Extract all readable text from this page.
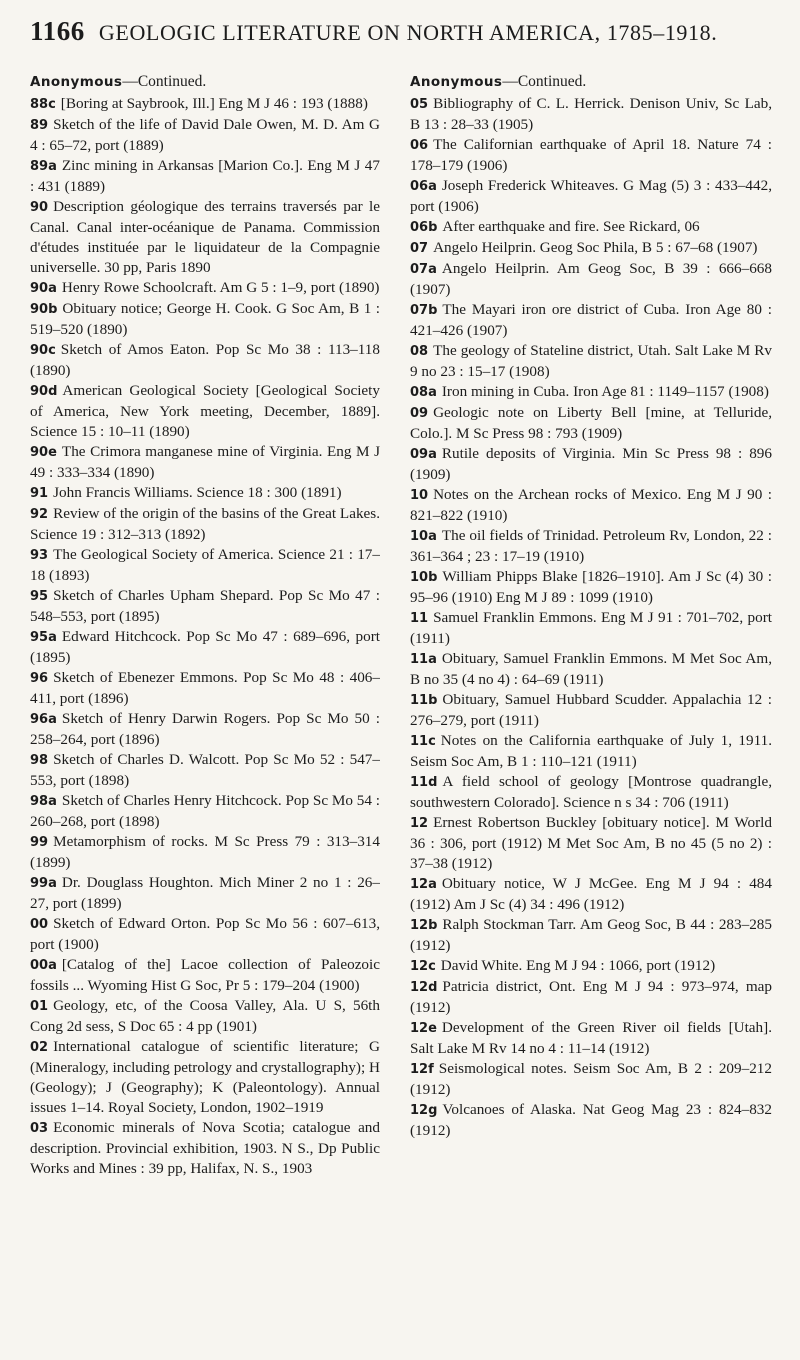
1166 GEOLOGIC LITERATURE ON NORTH AMERICA, 1785–1918.
Anonymous—Continued.

88c [Boring at Saybrook, Ill.] Eng M J 46 : 193 (1888)

89 Sketch of the life of David Dale Owen, M. D. Am G 4 : 65–72, port (1889)

89a Zinc mining in Arkansas [Marion Co.]. Eng M J 47 : 431 (1889)

90 Description géologique des terrains traversés par le Canal. Canal inter-océanique de Panama. Commission d'études instituée par le liquidateur de la Compagnie universelle. 30 pp, Paris 1890

90a Henry Rowe Schoolcraft. Am G 5 : 1–9, port (1890)

90b Obituary notice; George H. Cook. G Soc Am, B 1 : 519–520 (1890)

90c Sketch of Amos Eaton. Pop Sc Mo 38 : 113–118 (1890)

90d American Geological Society [Geological Society of America, New York meeting, December, 1889]. Science 15 : 10–11 (1890)

90e The Crimora manganese mine of Virginia. Eng M J 49 : 333–334 (1890)

91 John Francis Williams. Science 18 : 300 (1891)

92 Review of the origin of the basins of the Great Lakes. Science 19 : 312–313 (1892)

93 The Geological Society of America. Science 21 : 17–18 (1893)

95 Sketch of Charles Upham Shepard. Pop Sc Mo 47 : 548–553, port (1895)

95a Edward Hitchcock. Pop Sc Mo 47 : 689–696, port (1895)

96 Sketch of Ebenezer Emmons. Pop Sc Mo 48 : 406–411, port (1896)

96a Sketch of Henry Darwin Rogers. Pop Sc Mo 50 : 258–264, port (1896)

98 Sketch of Charles D. Walcott. Pop Sc Mo 52 : 547–553, port (1898)

98a Sketch of Charles Henry Hitchcock. Pop Sc Mo 54 : 260–268, port (1898)

99 Metamorphism of rocks. M Sc Press 79 : 313–314 (1899)

99a Dr. Douglass Houghton. Mich Miner 2 no 1 : 26–27, port (1899)

00 Sketch of Edward Orton. Pop Sc Mo 56 : 607–613, port (1900)

00a [Catalog of the] Lacoe collection of Paleozoic fossils ... Wyoming Hist G Soc, Pr 5 : 179–204 (1900)

01 Geology, etc, of the Coosa Valley, Ala. U S, 56th Cong 2d sess, S Doc 65 : 4 pp (1901)

02 International catalogue of scientific literature; G (Mineralogy, including petrology and crystallography); H (Geology); J (Geography); K (Paleontology). Annual issues 1–14. Royal Society, London, 1902–1919

03 Economic minerals of Nova Scotia; catalogue and description. Provincial exhibition, 1903. N S., Dp Public Works and Mines : 39 pp, Halifax, N. S., 1903

Anonymous—Continued.

05 Bibliography of C. L. Herrick. Denison Univ, Sc Lab, B 13 : 28–33 (1905)

06 The Californian earthquake of April 18. Nature 74 : 178–179 (1906)

06a Joseph Frederick Whiteaves. G Mag (5) 3 : 433–442, port (1906)

06b After earthquake and fire. See Rickard, 06

07 Angelo Heilprin. Geog Soc Phila, B 5 : 67–68 (1907)

07a Angelo Heilprin. Am Geog Soc, B 39 : 666–668 (1907)

07b The Mayari iron ore district of Cuba. Iron Age 80 : 421–426 (1907)

08 The geology of Stateline district, Utah. Salt Lake M Rv 9 no 23 : 15–17 (1908)

08a Iron mining in Cuba. Iron Age 81 : 1149–1157 (1908)

09 Geologic note on Liberty Bell [mine, at Telluride, Colo.]. M Sc Press 98 : 793 (1909)

09a Rutile deposits of Virginia. Min Sc Press 98 : 896 (1909)

10 Notes on the Archean rocks of Mexico. Eng M J 90 : 821–822 (1910)

10a The oil fields of Trinidad. Petroleum Rv, London, 22 : 361–364 ; 23 : 17–19 (1910)

10b William Phipps Blake [1826–1910]. Am J Sc (4) 30 : 95–96 (1910) Eng M J 89 : 1099 (1910)

11 Samuel Franklin Emmons. Eng M J 91 : 701–702, port (1911)

11a Obituary, Samuel Franklin Emmons. M Met Soc Am, B no 35 (4 no 4) : 64–69 (1911)

11b Obituary, Samuel Hubbard Scudder. Appalachia 12 : 276–279, port (1911)

11c Notes on the California earthquake of July 1, 1911. Seism Soc Am, B 1 : 110–121 (1911)

11d A field school of geology [Montrose quadrangle, southwestern Colorado]. Science n s 34 : 706 (1911)

12 Ernest Robertson Buckley [obituary notice]. M World 36 : 306, port (1912) M Met Soc Am, B no 45 (5 no 2) : 37–38 (1912)

12a Obituary notice, W J McGee. Eng M J 94 : 484 (1912) Am J Sc (4) 34 : 496 (1912)

12b Ralph Stockman Tarr. Am Geog Soc, B 44 : 283–285 (1912)

12c David White. Eng M J 94 : 1066, port (1912)

12d Patricia district, Ont. Eng M J 94 : 973–974, map (1912)

12e Development of the Green River oil fields [Utah]. Salt Lake M Rv 14 no 4 : 11–14 (1912)

12f Seismological notes. Seism Soc Am, B 2 : 209–212 (1912)

12g Volcanoes of Alaska. Nat Geog Mag 23 : 824–832 (1912)
